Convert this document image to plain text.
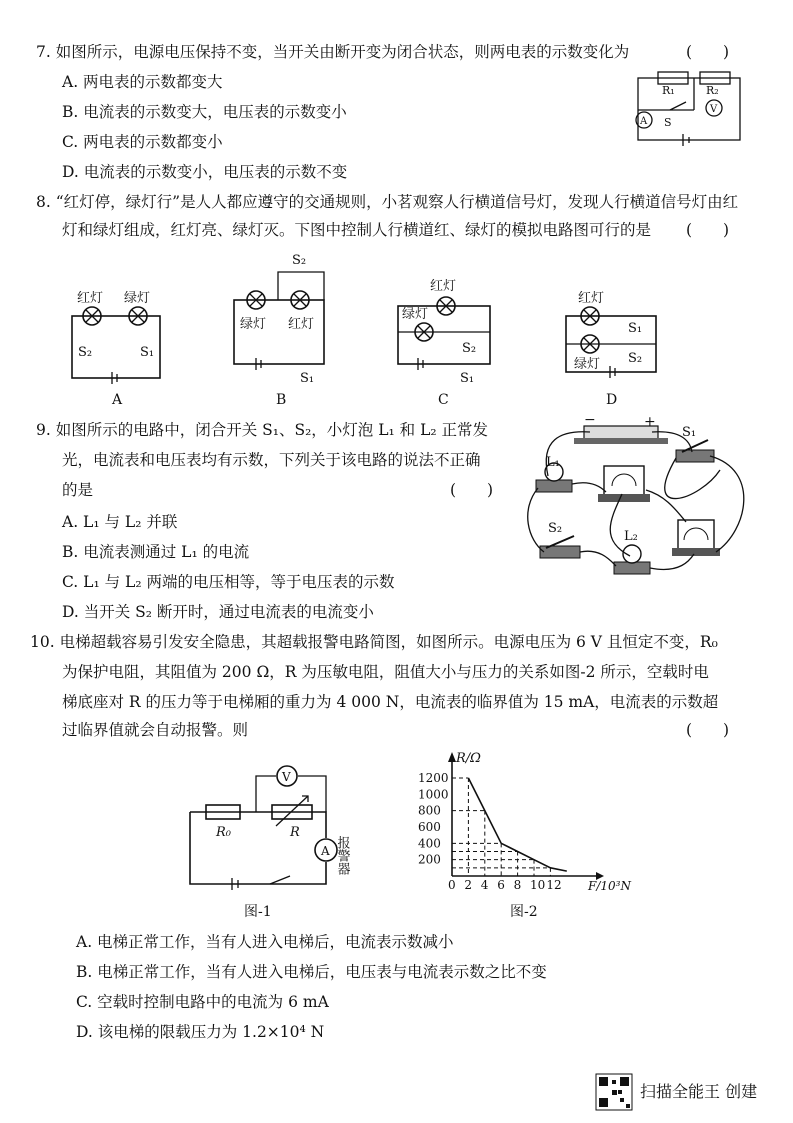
7. 如图所示，电源电压保持不变，当开关由断开变为闭合状态，则两电表的示数变化为	(　　)
A. 两电表的示数都变大
B. 电流表的示数变大，电压表的示数变小
C. 两电表的示数都变小
D. 电流表的示数变小，电压表的示数不变
R₁	R₂
A
V
S
8. “红灯停，绿灯行”是人人都应遵守的交通规则，小茗观察人行横道信号灯，发现人行横道信号灯由红
灯和绿灯组成，红灯亮、绿灯灭。下图中控制人行横道红、绿灯的模拟电路图可行的是 (　　)
红灯 绿灯
S₂	S₁
A
S₂
绿灯 红灯
S₁
B
红灯
绿灯
S₂
S₁
C
红灯
S₁
S₂
绿灯
D
9. 如图所示的电路中，闭合开关 S₁、S₂，小灯泡 L₁ 和 L₂ 正常发
光，电流表和电压表均有示数，下列关于该电路的说法不正确
的是	(　　)
A. L₁ 与 L₂ 并联
B. 电流表测通过 L₁ 的电流
C. L₁ 与 L₂ 两端的电压相等，等于电压表的示数
D. 当开关 S₂ 断开时，通过电流表的电流变小
−	+
S₁
L₁
S₂
L₂
10. 电梯超载容易引发安全隐患，其超载报警电路简图，如图所示。电源电压为 6 V 且恒定不变，R₀
为保护电阻，其阻值为 200 Ω，R 为压敏电阻，阻值大小与压力的关系如图-2 所示，空载时电
梯底座对 R 的压力等于电梯厢的重力为 4 000 N，电流表的临界值为 15 mA，电流表的示数超
过临界值就会自动报警。则	(　　)
V
R₀	R
A 报警器
图-1
R/Ω
F/10³N
图-2
0 2 4 6 8 10 12
200
400
600
800
1000
1200
A. 电梯正常工作，当有人进入电梯后，电流表示数减小
B. 电梯正常工作，当有人进入电梯后，电压表与电流表示数之比不变
C. 空载时控制电路中的电流为 6 mA
D. 该电梯的限载压力为 1.2×10⁴ N
扫描全能王 创建
